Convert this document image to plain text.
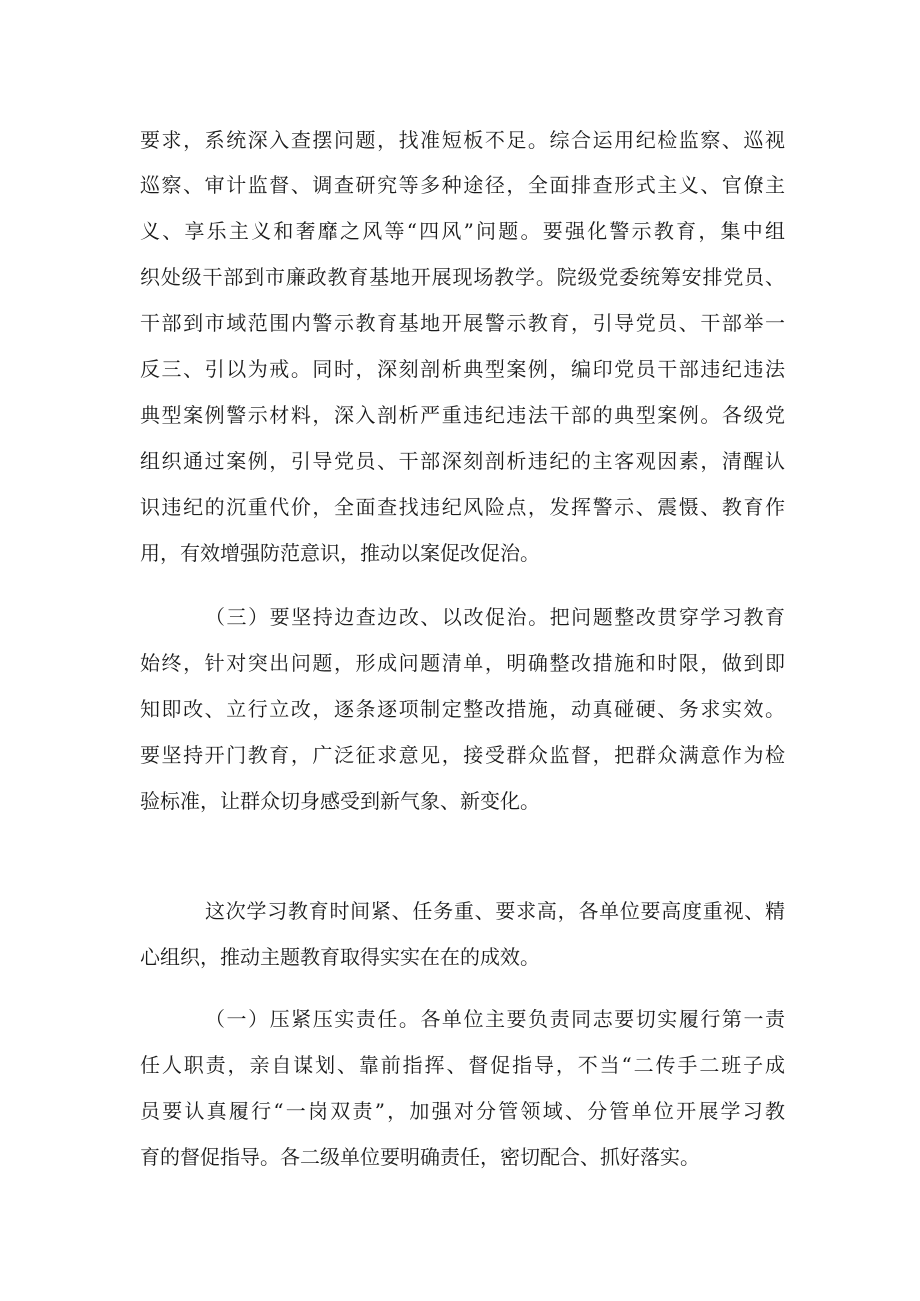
要求，系统深入查摆问题，找准短板不足。综合运用纪检监察、巡视
巡察、审计监督、调查研究等多种途径，全面排查形式主义、官僚主
义、享乐主义和奢靡之风等“四风”问题。要强化警示教育，集中组
织处级干部到市廉政教育基地开展现场教学。院级党委统筹安排党员、
干部到市域范围内警示教育基地开展警示教育，引导党员、干部举一
反三、引以为戒。同时，深刻剖析典型案例，编印党员干部违纪违法
典型案例警示材料，深入剖析严重违纪违法干部的典型案例。各级党
组织通过案例，引导党员、干部深刻剖析违纪的主客观因素，清醒认
识违纪的沉重代价，全面查找违纪风险点，发挥警示、震慑、教育作
用，有效增强防范意识，推动以案促改促治。
（三）要坚持边查边改、以改促治。把问题整改贯穿学习教育
始终，针对突出问题，形成问题清单，明确整改措施和时限，做到即
知即改、立行立改，逐条逐项制定整改措施，动真碰硬、务求实效。
要坚持开门教育，广泛征求意见，接受群众监督，把群众满意作为检
验标准，让群众切身感受到新气象、新变化。
这次学习教育时间紧、任务重、要求高，各单位要高度重视、精
心组织，推动主题教育取得实实在在的成效。
（一）压紧压实责任。各单位主要负责同志要切实履行第一责
任人职责，亲自谋划、靠前指挥、督促指导，不当“二传手二班子成
员要认真履行“一岗双责”，加强对分管领域、分管单位开展学习教
育的督促指导。各二级单位要明确责任，密切配合、抓好落实。
